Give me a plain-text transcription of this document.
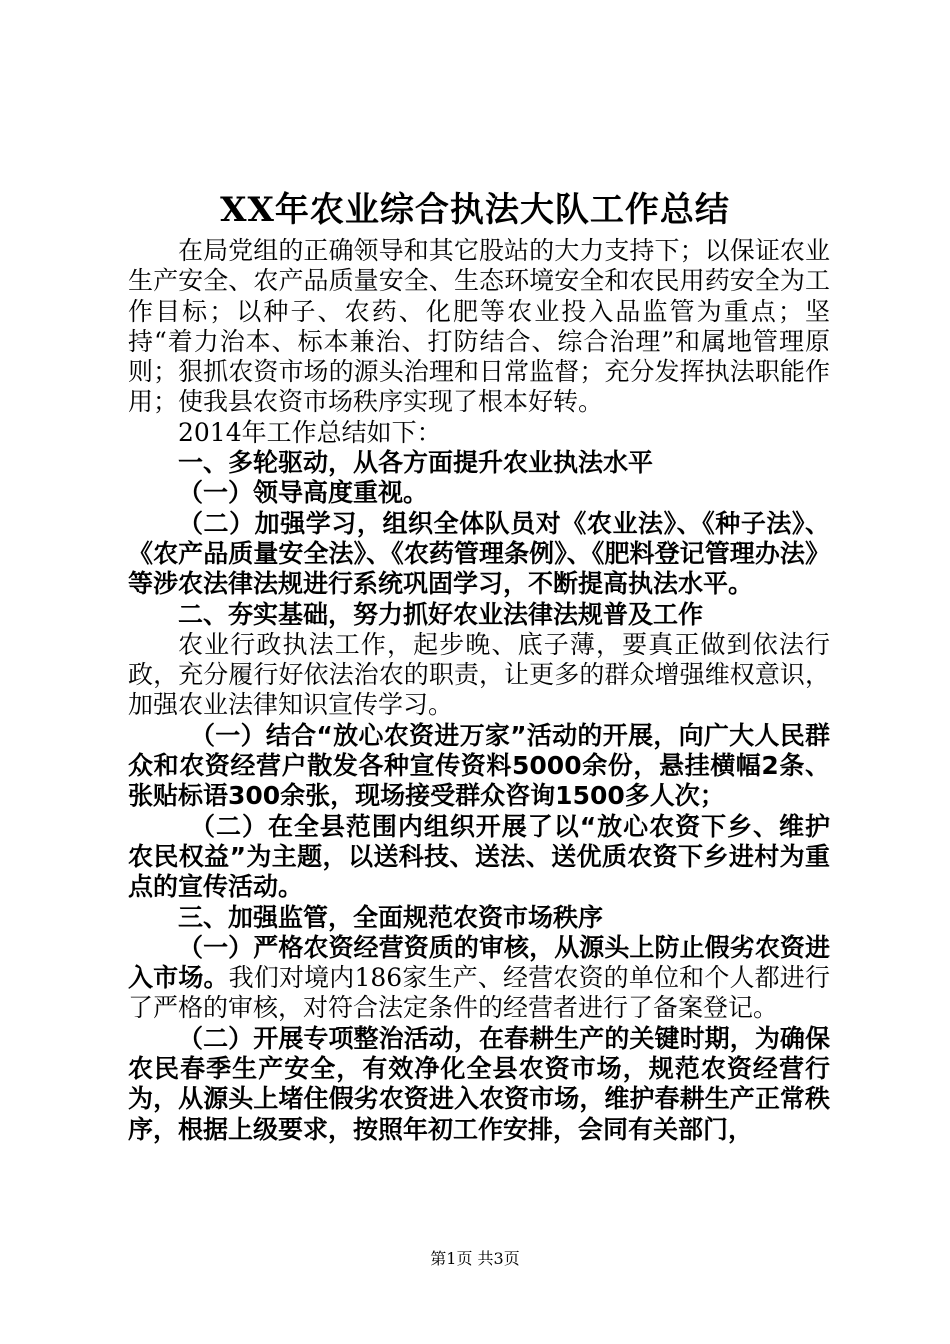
XX年农业综合执法大队工作总结

在局党组的正确领导和其它股站的大力支持下；以保证农业生产安全、农产品质量安全、生态环境安全和农民用药安全为工作目标；以种子、农药、化肥等农业投入品监管为重点；坚持“着力治本、标本兼治、打防结合、综合治理”和属地管理原则；狠抓农资市场的源头治理和日常监督；充分发挥执法职能作用；使我县农资市场秩序实现了根本好转。

2014年工作总结如下：

一、多轮驱动，从各方面提升农业执法水平

（一）领导高度重视。

（二）加强学习，组织全体队员对《农业法》、《种子法》、《农产品质量安全法》、《农药管理条例》、《肥料登记管理办法》等涉农法律法规进行系统巩固学习，不断提高执法水平。

二、夯实基础，努力抓好农业法律法规普及工作

农业行政执法工作，起步晚、底子薄，要真正做到依法行政，充分履行好依法治农的职责，让更多的群众增强维权意识，加强农业法律知识宣传学习。

（一）结合“放心农资进万家”活动的开展，向广大人民群众和农资经营户散发各种宣传资料5000余份，悬挂横幅2条、张贴标语300余张，现场接受群众咨询1500多人次；

（二）在全县范围内组织开展了以“放心农资下乡、维护农民权益”为主题，以送科技、送法、送优质农资下乡进村为重点的宣传活动。

三、加强监管，全面规范农资市场秩序

（一）严格农资经营资质的审核，从源头上防止假劣农资进入市场。我们对境内186家生产、经营农资的单位和个人都进行了严格的审核，对符合法定条件的经营者进行了备案登记。

（二）开展专项整治活动，在春耕生产的关键时期，为确保农民春季生产安全，有效净化全县农资市场，规范农资经营行为，从源头上堵住假劣农资进入农资市场，维护春耕生产正常秩序，根据上级要求，按照年初工作安排，会同有关部门，

第1页 共3页
